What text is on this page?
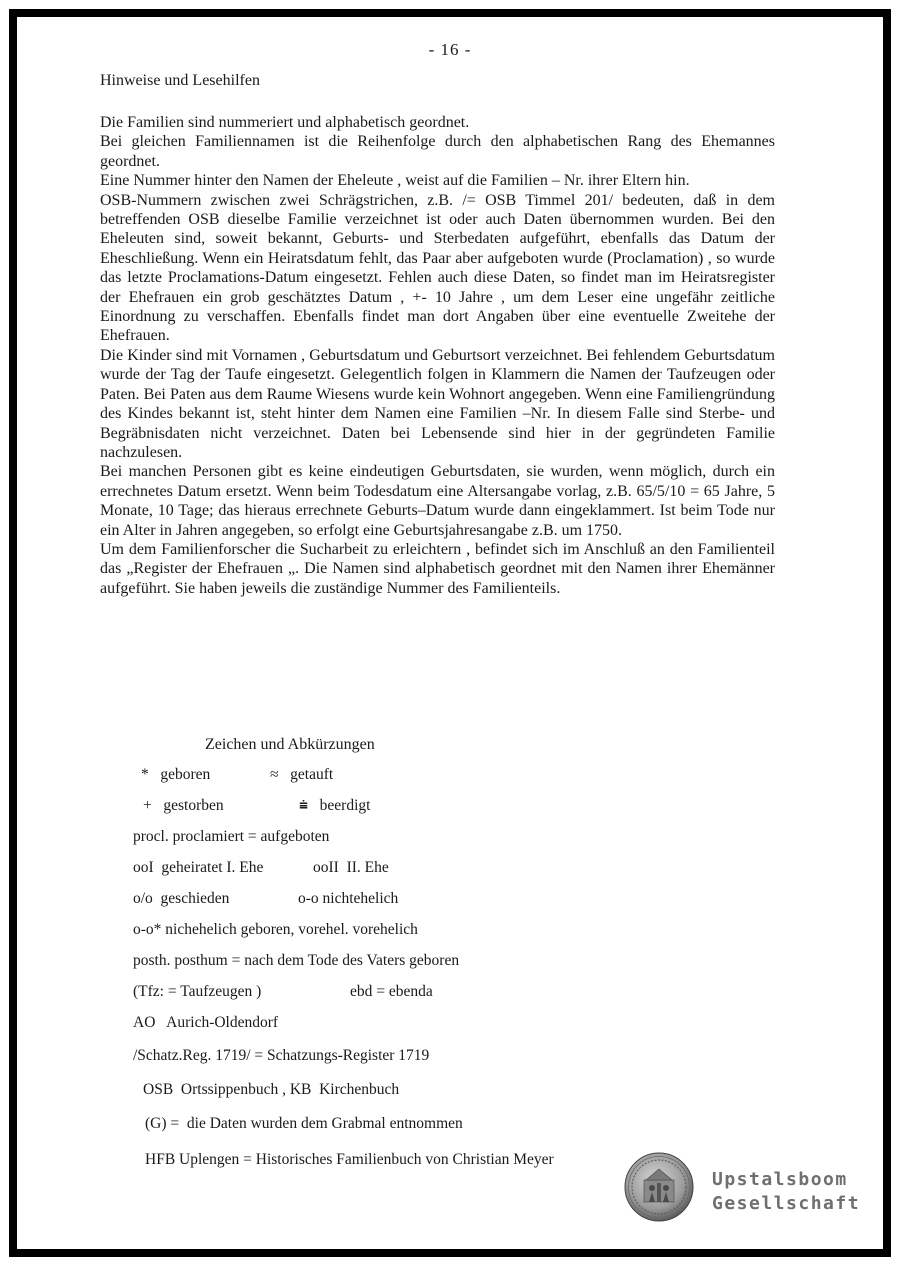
- 16 -
Hinweise und Lesehilfen

Die Familien sind nummeriert und alphabetisch geordnet.

Bei gleichen Familiennamen ist die Reihenfolge durch den alphabetischen Rang des Ehemannes geordnet.

Eine Nummer hinter den Namen der Eheleute , weist auf die Familien – Nr. ihrer Eltern hin.

OSB-Nummern zwischen zwei Schrägstrichen, z.B. /= OSB Timmel 201/ bedeuten, daß in dem betreffenden OSB dieselbe Familie verzeichnet ist oder auch Daten übernommen wurden. Bei den Eheleuten sind, soweit bekannt, Geburts- und Sterbedaten aufgeführt, ebenfalls das Datum der Eheschließung. Wenn ein Heiratsdatum fehlt, das Paar aber aufgeboten wurde (Proclamation) , so wurde das letzte Proclamations-Datum eingesetzt. Fehlen auch diese Daten, so findet man im Heiratsregister der Ehefrauen ein grob geschätztes Datum , +- 10 Jahre , um dem Leser eine ungefähr zeitliche Einordnung zu verschaffen. Ebenfalls findet man dort Angaben über eine eventuelle Zweitehe der Ehefrauen.

Die Kinder sind mit Vornamen , Geburtsdatum und Geburtsort verzeichnet. Bei fehlendem Geburtsdatum wurde der Tag der Taufe eingesetzt. Gelegentlich folgen in Klammern die Namen der Taufzeugen oder Paten. Bei Paten aus dem Raume Wiesens wurde kein Wohnort angegeben. Wenn eine Familiengründung des Kindes bekannt ist, steht hinter dem Namen eine Familien –Nr. In diesem Falle sind Sterbe- und Begräbnisdaten nicht verzeichnet. Daten bei Lebensende sind hier in der gegründeten Familie nachzulesen.

Bei manchen Personen gibt es keine eindeutigen Geburtsdaten, sie wurden, wenn möglich, durch ein errechnetes Datum ersetzt. Wenn beim Todesdatum eine Altersangabe vorlag, z.B. 65/5/10 = 65 Jahre, 5 Monate, 10 Tage; das hieraus errechnete Geburts–Datum wurde dann eingeklammert. Ist beim Tode nur ein Alter in Jahren angegeben, so erfolgt eine Geburtsjahresangabe z.B. um 1750.

Um dem Familienforscher die Sucharbeit zu erleichtern , befindet sich im Anschluß an den Familienteil das „Register der Ehefrauen „. Die Namen sind alphabetisch geordnet mit den Namen ihrer Ehemänner aufgeführt. Sie haben jeweils die zuständige Nummer des Familienteils.

Zeichen und Abkürzungen
*   geboren	≈   getauft
+   gestorben	⩧   beerdigt
procl. proclamiert = aufgeboten
ooI  geheiratet I. Ehe	ooII  II. Ehe
o/o  geschieden	o-o nichtehelich
o-o* nichehelich geboren, vorehel. vorehelich
posth. posthum = nach dem Tode des Vaters geboren
(Tfz: = Taufzeugen )	ebd = ebenda
AO   Aurich-Oldendorf
/Schatz.Reg. 1719/ = Schatzungs-Register 1719
OSB  Ortssippenbuch , KB  Kirchenbuch
(G) =  die Daten wurden dem Grabmal entnommen
HFB Uplengen = Historisches Familienbuch von Christian Meyer
Upstalsboom
Gesellschaft
